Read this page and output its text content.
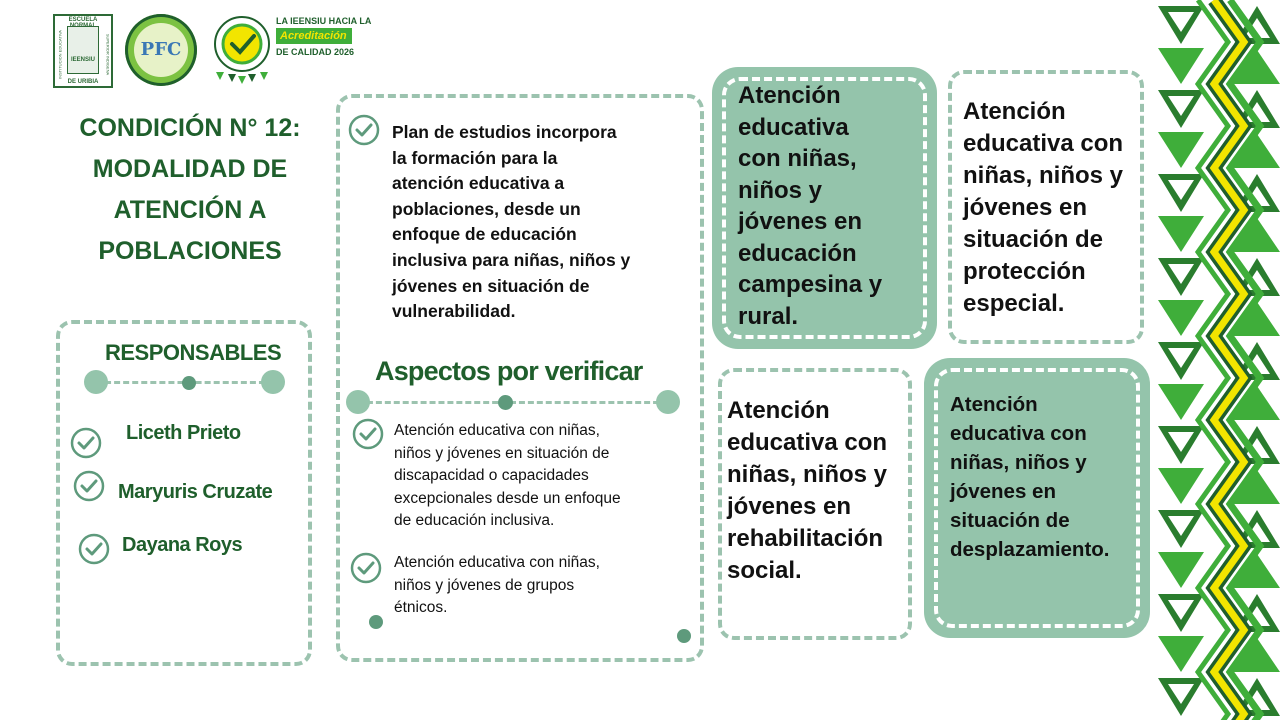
ESCUELA
IEENSIU
INSTITUCION EDUCATIVA	SUPERIOR INDIGENA
DE URIBIA
PFC
LA IEENSIU HACIA LA
Acreditación
DE CALIDAD 2026
CONDICIÓN N° 12:
MODALIDAD DE
ATENCIÓN A
POBLACIONES
RESPONSABLES
Liceth Prieto
Maryuris Cruzate
Dayana Roys
Plan de estudios incorpora
la formación para la
atención educativa a
poblaciones, desde un
enfoque de educación
inclusiva para niñas, niños y
jóvenes en situación de
vulnerabilidad.
Aspectos por verificar
Atención educativa con niñas,
niños y jóvenes en situación de
discapacidad o capacidades
excepcionales desde un enfoque
de educación inclusiva.
Atención educativa con niñas,
niños y jóvenes de grupos
étnicos.
Atención
educativa
con niñas,
niños y
jóvenes en
educación
campesina y
rural.
Atención
educativa con
niñas, niños y
jóvenes en
situación de
protección
especial.
Atención
educativa con
niñas, niños y
jóvenes en
rehabilitación
social.
Atención
educativa con
niñas, niños y
jóvenes en
situación de
desplazamiento.
